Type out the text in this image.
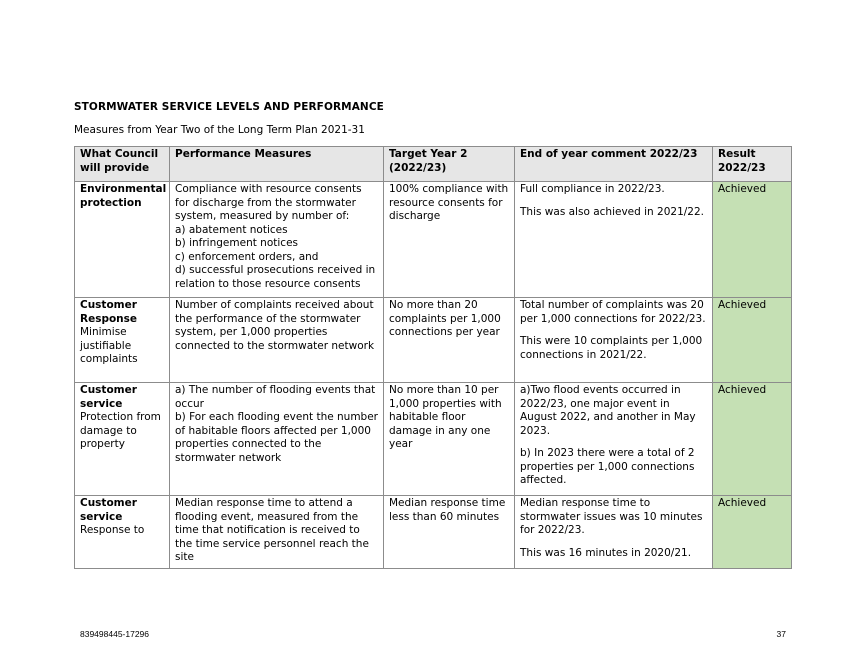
STORMWATER SERVICE LEVELS AND PERFORMANCE
Measures from Year Two of the Long Term Plan 2021-31
What Council will provide	Performance Measures	Target Year 2 (2022/23)	End of year comment 2022/23	Result 2022/23

Environmental protection	Compliance with resource consents for discharge from the stormwater system, measured by number of:
a) abatement notices
b) infringement notices
c) enforcement orders, and
d) successful prosecutions received in relation to those resource consents	100% compliance with resource consents for discharge	Full compliance in 2022/23.
This was also achieved in 2021/22.	Achieved

Customer Response
Minimise justifiable complaints	Number of complaints received about the performance of the stormwater system, per 1,000 properties connected to the stormwater network	No more than 20 complaints per 1,000 connections per year	Total number of complaints was 20 per 1,000 connections for 2022/23.
This were 10 complaints per 1,000 connections in 2021/22.	Achieved

Customer service
Protection from damage to property	a) The number of flooding events that occur
b) For each flooding event the number of habitable floors affected per 1,000 properties connected to the stormwater network	No more than 10 per 1,000 properties with habitable floor damage in any one year	a)Two flood events occurred in 2022/23, one major event in August 2022, and another in May 2023.
b) In 2023 there were a total of 2 properties per 1,000 connections affected.	Achieved

Customer service
Response to	Median response time to attend a flooding event, measured from the time that notification is received to the time service personnel reach the site	Median response time less than 60 minutes	Median response time to stormwater issues was 10 minutes for 2022/23.
This was 16 minutes in 2020/21.	Achieved
839498445-17296	37
